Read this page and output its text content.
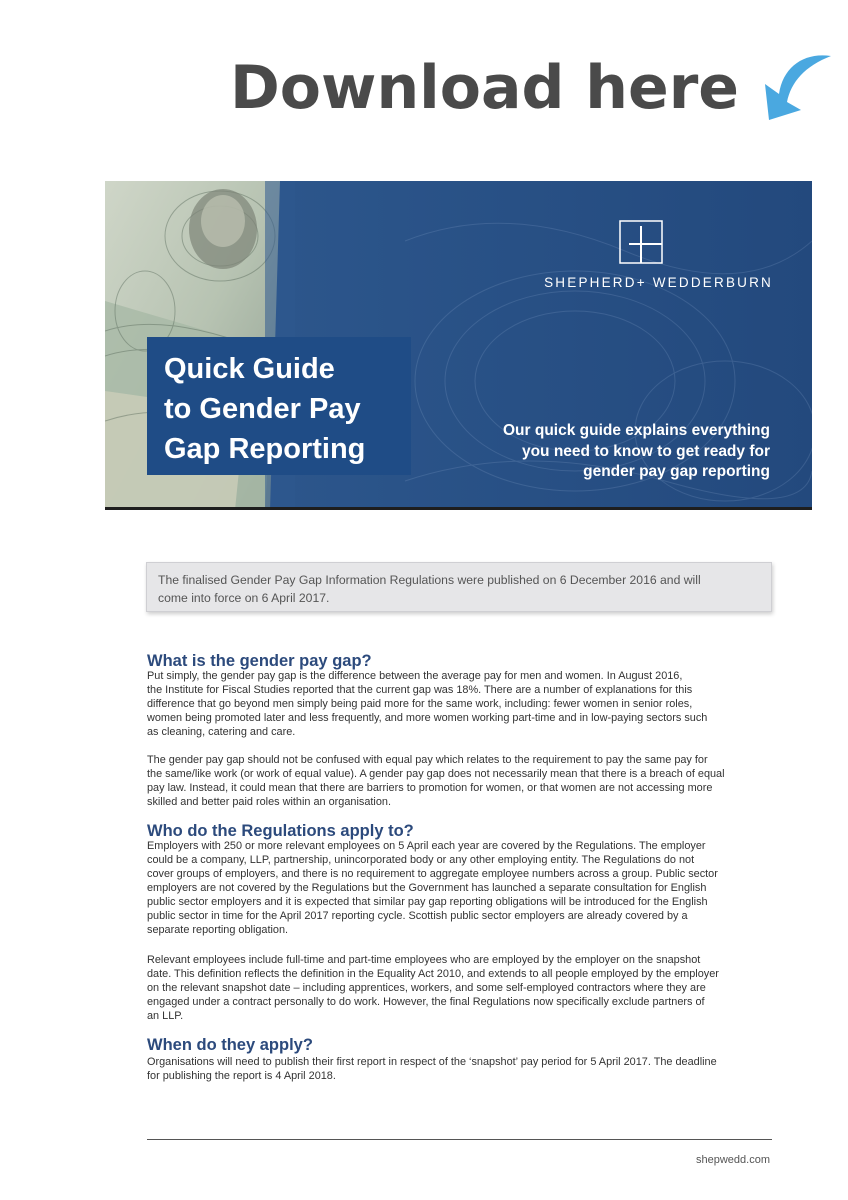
Download here
SHEPHERD+ WEDDERBURN
Quick Guide
to Gender Pay
Gap Reporting
Our quick guide explains everything
you need to know to get ready for
gender pay gap reporting
The finalised Gender Pay Gap Information Regulations were published on 6 December 2016 and will
come into force on 6 April 2017.
What is the gender pay gap?
Put simply, the gender pay gap is the difference between the average pay for men and women. In August 2016,
the Institute for Fiscal Studies reported that the current gap was 18%. There are a number of explanations for this
difference that go beyond men simply being paid more for the same work, including: fewer women in senior roles,
women being promoted later and less frequently, and more women working part-time and in low-paying sectors such
as cleaning, catering and care.
The gender pay gap should not be confused with equal pay which relates to the requirement to pay the same pay for
the same/like work (or work of equal value). A gender pay gap does not necessarily mean that there is a breach of equal
pay law. Instead, it could mean that there are barriers to promotion for women, or that women are not accessing more
skilled and better paid roles within an organisation.
Who do the Regulations apply to?
Employers with 250 or more relevant employees on 5 April each year are covered by the Regulations. The employer
could be a company, LLP, partnership, unincorporated body or any other employing entity. The Regulations do not
cover groups of employers, and there is no requirement to aggregate employee numbers across a group. Public sector
employers are not covered by the Regulations but the Government has launched a separate consultation for English
public sector employers and it is expected that similar pay gap reporting obligations will be introduced for the English
public sector in time for the April 2017 reporting cycle. Scottish public sector employers are already covered by a
separate reporting obligation.
Relevant employees include full-time and part-time employees who are employed by the employer on the snapshot
date. This definition reflects the definition in the Equality Act 2010, and extends to all people employed by the employer
on the relevant snapshot date – including apprentices, workers, and some self-employed contractors where they are
engaged under a contract personally to do work. However, the final Regulations now specifically exclude partners of
an LLP.
When do they apply?
Organisations will need to publish their first report in respect of the ‘snapshot’ pay period for 5 April 2017. The deadline
for publishing the report is 4 April 2018.
shepwedd.com
